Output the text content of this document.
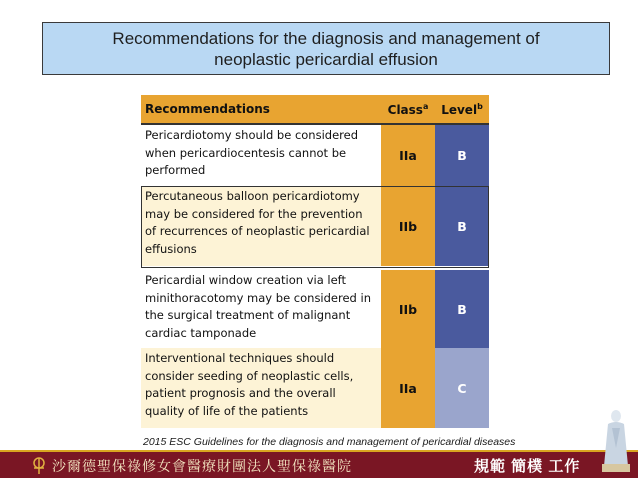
Recommendations for the diagnosis and management of
neoplastic pericardial effusion
Recommendations	Class$^a$	Level$^b$
Pericardiotomy should be considered when pericardiocentesis cannot be performed	IIa	B
Percutaneous balloon pericardiotomy may be considered for the prevention of recurrences of neoplastic pericardial effusions	IIb	B
Pericardial window creation via left minithoracotomy may be considered in the surgical treatment of malignant cardiac tamponade	IIb	B
Interventional techniques should consider seeding of neoplastic cells, patient prognosis and the overall quality of life of the patients	IIa	C
2015 ESC Guidelines for the diagnosis and management of pericardial diseases
沙爾德聖保祿修女會醫療財團法人聖保祿醫院	規範 簡樸 工作
